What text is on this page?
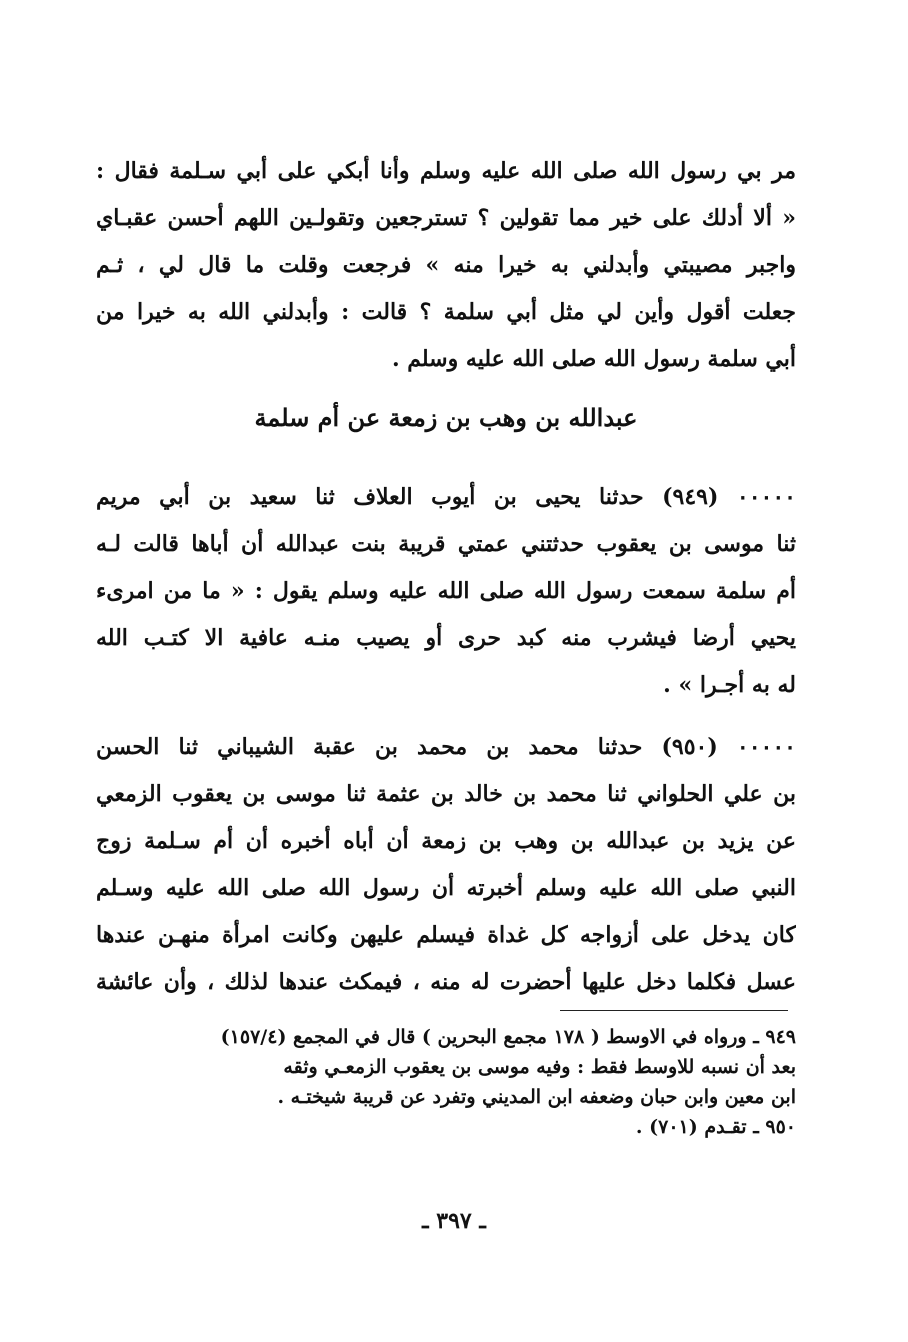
مر بي رسول الله صلى الله عليه وسلم وأنا أبكي على أبي سـلمة فقال :
« ألا أدلك على خير مما تقولين ؟ تسترجعين وتقولـين اللهم أحسن عقبـاي
واجبر مصيبتي وأبدلني به خيرا منه » فرجعت وقلت ما قال لي ، ثـم
جعلت أقول وأين لي مثل أبي سلمة ؟ قالت : وأبدلني الله به خيرا من
أبي سلمة رسول الله صلى الله عليه وسلم .
عبدالله بن وهب بن زمعة عن أم سلمة
٠٠٠٠٠ (٩٤٩) حدثنا يحيى بن أيوب العلاف ثنا سعيد بن أبي مريم
ثنا موسى بن يعقوب حدثتني عمتي قريبة بنت عبدالله أن أباها قالت لـه
أم سلمة سمعت رسول الله صلى الله عليه وسلم يقول : « ما من امرىء
يحيي أرضا فيشرب منه كبد حرى أو يصيب منـه عافية الا كتـب الله
له به أجـرا » .
٠٠٠٠٠ (٩٥٠) حدثنا محمد بن محمد بن عقبة الشيباني ثنا الحسن
بن علي الحلواني ثنا محمد بن خالد بن عثمة ثنا موسى بن يعقوب الزمعي
عن يزيد بن عبدالله بن وهب بن زمعة أن أباه أخبره أن أم سـلمة زوج
النبي صلى الله عليه وسلم أخبرته أن رسول الله صلى الله عليه وسـلم
كان يدخل على أزواجه كل غداة فيسلم عليهن وكانت امرأة منهـن عندها
عسل فكلما دخل عليها أحضرت له منه ، فيمكث عندها لذلك ، وأن عائشة
٩٤٩ ـ ورواه في الاوسط ( ١٧٨ مجمع البحرين ) قال في المجمع (١٥٧/٤)
بعد أن نسبه للاوسط فقط : وفيه موسى بن يعقوب الزمعـي وثقه
ابن معين وابن حبان وضعفه ابن المديني وتفرد عن قريبة شيختـه .
٩٥٠ ـ تقـدم (٧٠١) .
ـ ٣٩٧ ـ
